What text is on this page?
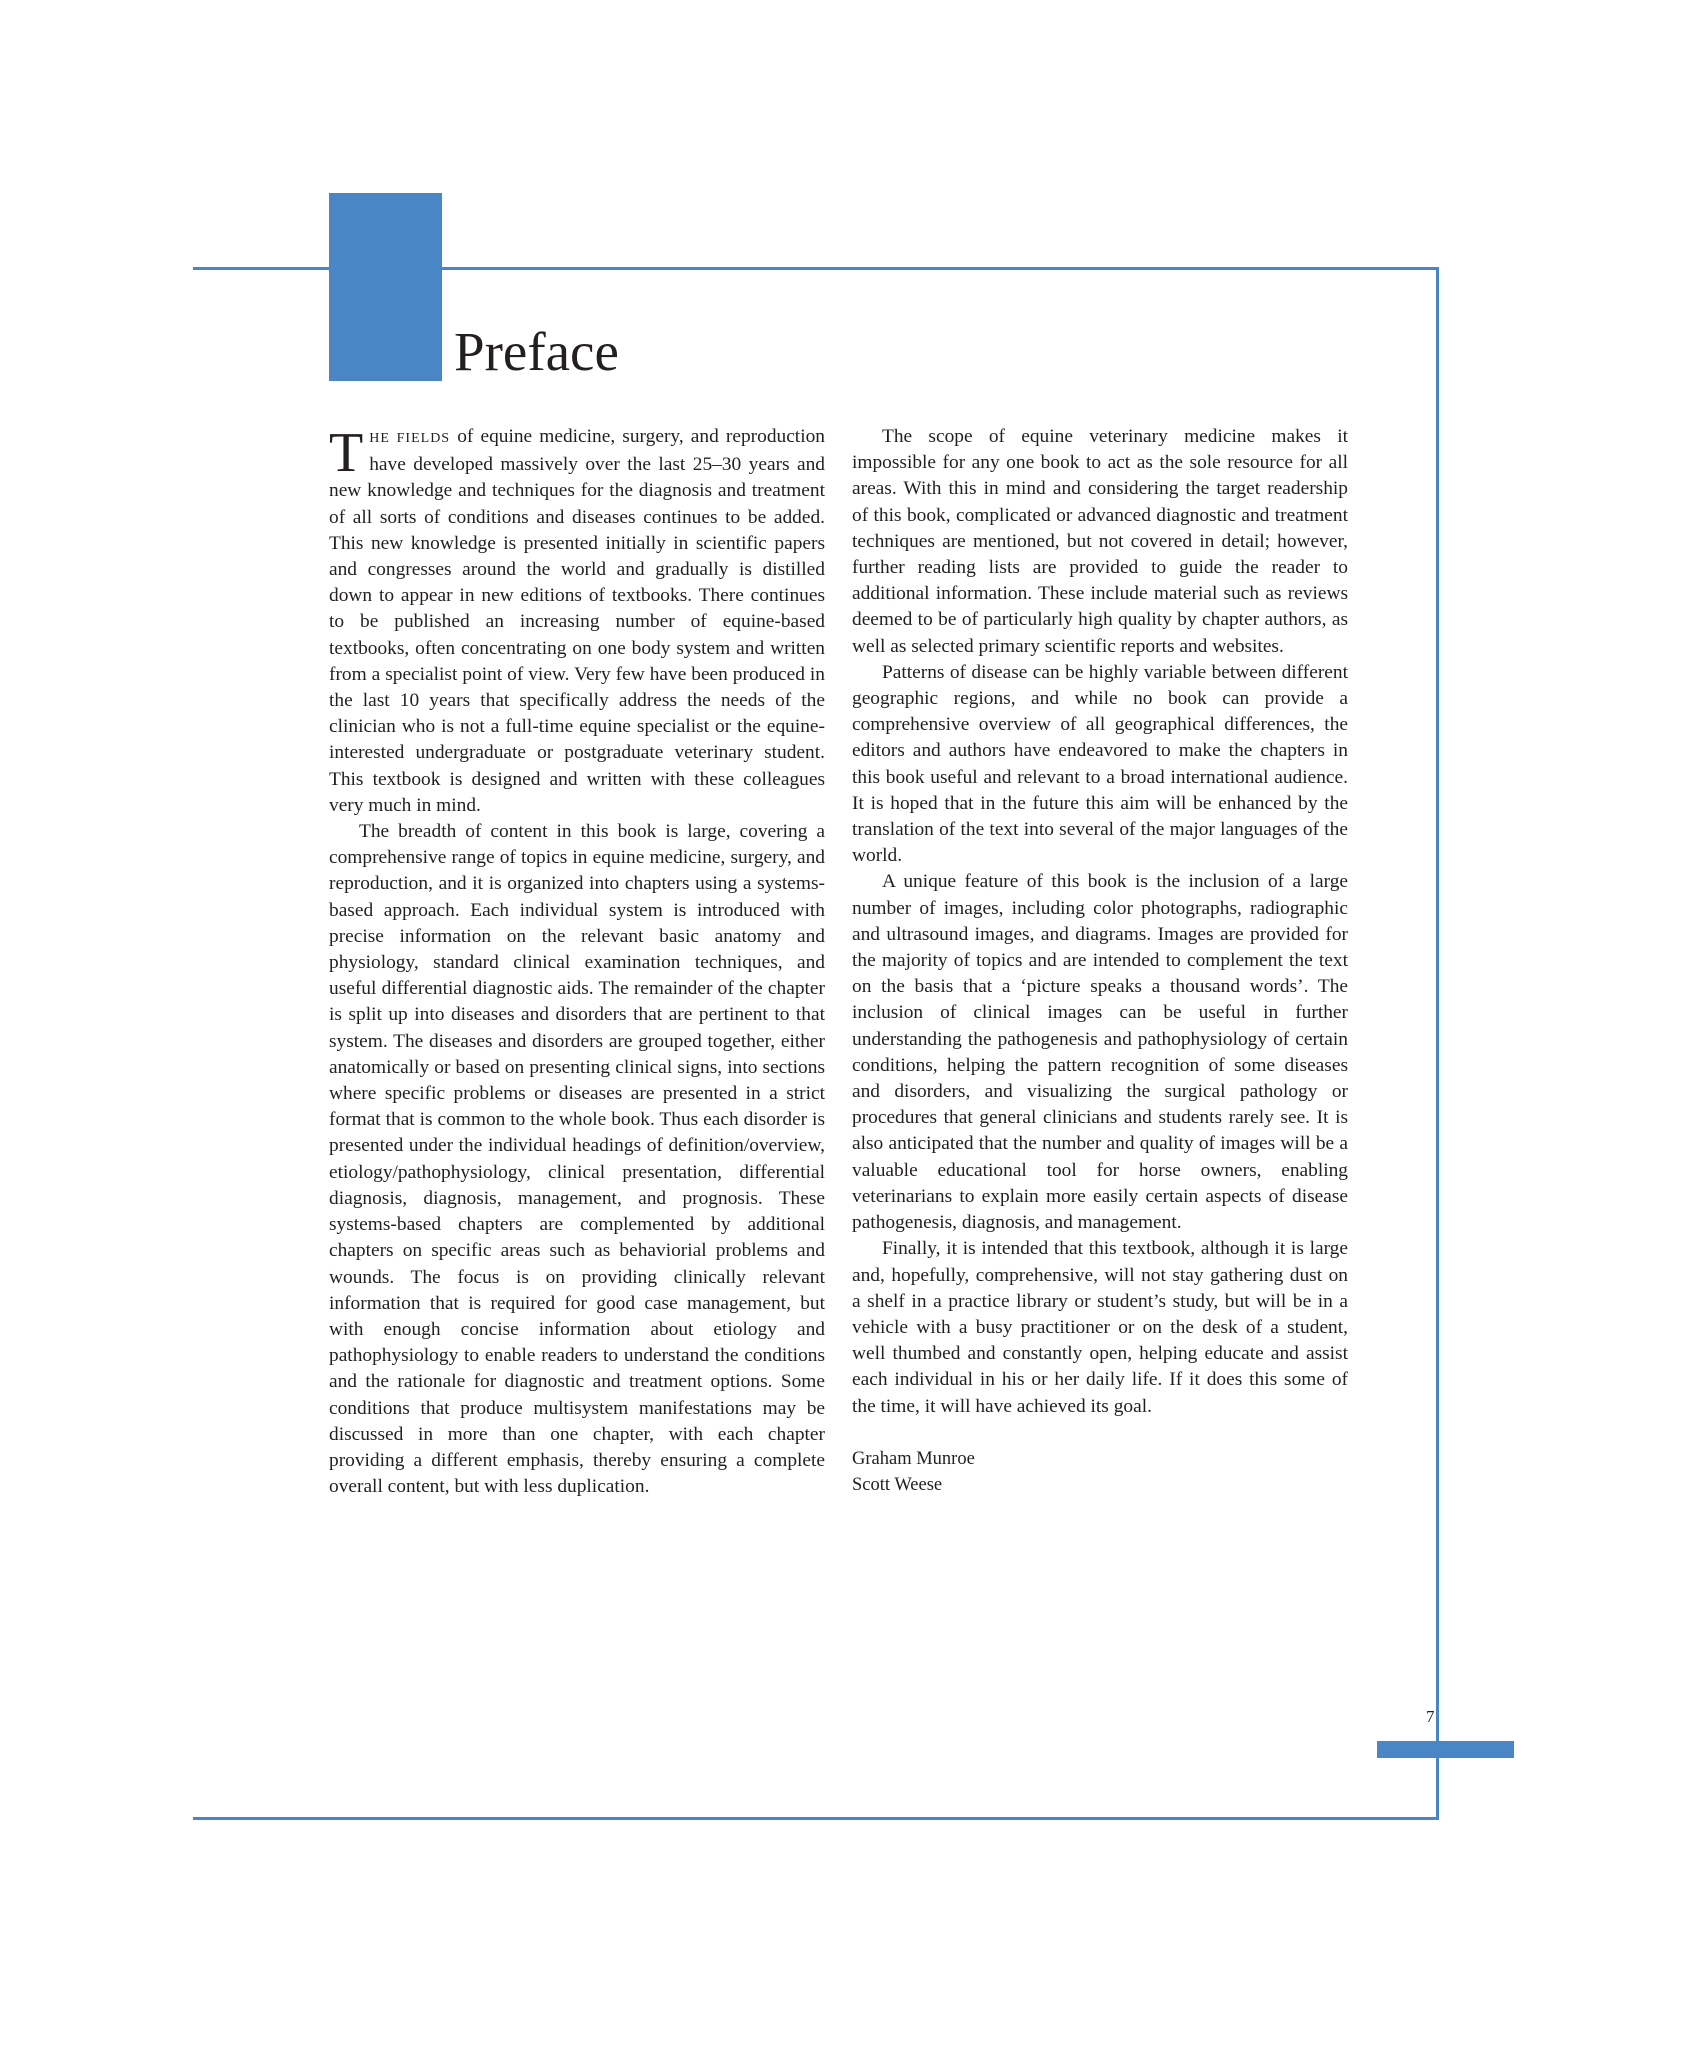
Preface

THE FIELDS of equine medicine, surgery, and reproduction have developed massively over the last 25–30 years and new knowledge and techniques for the diagnosis and treatment of all sorts of conditions and diseases continues to be added. This new knowledge is presented initially in scientific papers and congresses around the world and gradually is distilled down to appear in new editions of textbooks. There continues to be published an increasing number of equine-based textbooks, often concentrating on one body system and written from a specialist point of view. Very few have been produced in the last 10 years that specifically address the needs of the clinician who is not a full-time equine specialist or the equine-interested undergraduate or postgraduate veterinary student. This textbook is designed and written with these colleagues very much in mind.

The breadth of content in this book is large, covering a comprehensive range of topics in equine medicine, surgery, and reproduction, and it is organized into chapters using a systems-based approach. Each individual system is introduced with precise information on the relevant basic anatomy and physiology, standard clinical examination techniques, and useful differential diagnostic aids. The remainder of the chapter is split up into diseases and disorders that are pertinent to that system. The diseases and disorders are grouped together, either anatomically or based on presenting clinical signs, into sections where specific problems or diseases are presented in a strict format that is common to the whole book. Thus each disorder is presented under the individual headings of definition/overview, etiology/pathophysiology, clinical presentation, differential diagnosis, diagnosis, management, and prognosis. These systems-based chapters are complemented by additional chapters on specific areas such as behaviorial problems and wounds. The focus is on providing clinically relevant information that is required for good case management, but with enough concise information about etiology and pathophysiology to enable readers to understand the conditions and the rationale for diagnostic and treatment options. Some conditions that produce multisystem manifestations may be discussed in more than one chapter, with each chapter providing a different emphasis, thereby ensuring a complete overall content, but with less duplication.

The scope of equine veterinary medicine makes it impossible for any one book to act as the sole resource for all areas. With this in mind and considering the target readership of this book, complicated or advanced diagnostic and treatment techniques are mentioned, but not covered in detail; however, further reading lists are provided to guide the reader to additional information. These include material such as reviews deemed to be of particularly high quality by chapter authors, as well as selected primary scientific reports and websites.

Patterns of disease can be highly variable between different geographic regions, and while no book can provide a comprehensive overview of all geographical differences, the editors and authors have endeavored to make the chapters in this book useful and relevant to a broad international audience. It is hoped that in the future this aim will be enhanced by the translation of the text into several of the major languages of the world.

A unique feature of this book is the inclusion of a large number of images, including color photographs, radiographic and ultrasound images, and diagrams. Images are provided for the majority of topics and are intended to complement the text on the basis that a ‘picture speaks a thousand words’. The inclusion of clinical images can be useful in further understanding the pathogenesis and pathophysiology of certain conditions, helping the pattern recognition of some diseases and disorders, and visualizing the surgical pathology or procedures that general clinicians and students rarely see. It is also anticipated that the number and quality of images will be a valuable educational tool for horse owners, enabling veterinarians to explain more easily certain aspects of disease pathogenesis, diagnosis, and management.

Finally, it is intended that this textbook, although it is large and, hopefully, comprehensive, will not stay gathering dust on a shelf in a practice library or student’s study, but will be in a vehicle with a busy practitioner or on the desk of a student, well thumbed and constantly open, helping educate and assist each individual in his or her daily life. If it does this some of the time, it will have achieved its goal.

Graham Munroe
Scott Weese
7
